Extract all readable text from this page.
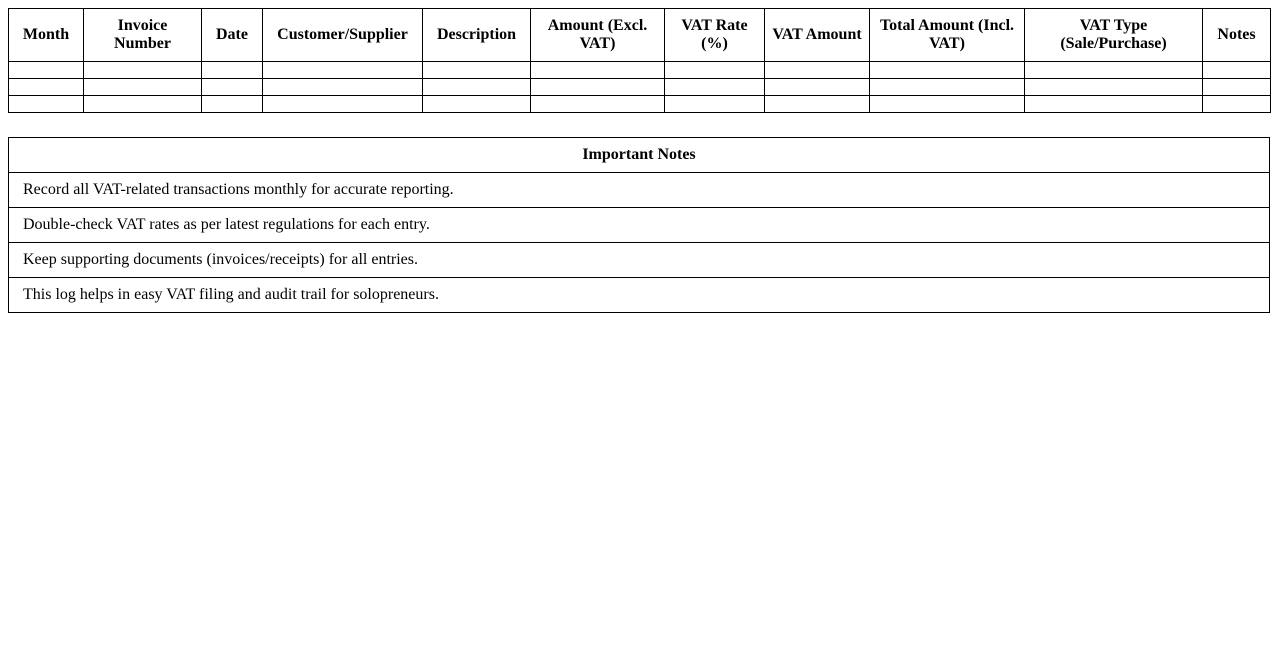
Month	Invoice Number	Date	Customer/Supplier	Description	Amount (Excl. VAT)	VAT Rate (%)	VAT Amount	Total Amount (Incl. VAT)	VAT Type (Sale/Purchase)	Notes

Important Notes
Record all VAT-related transactions monthly for accurate reporting.
Double-check VAT rates as per latest regulations for each entry.
Keep supporting documents (invoices/receipts) for all entries.
This log helps in easy VAT filing and audit trail for solopreneurs.
